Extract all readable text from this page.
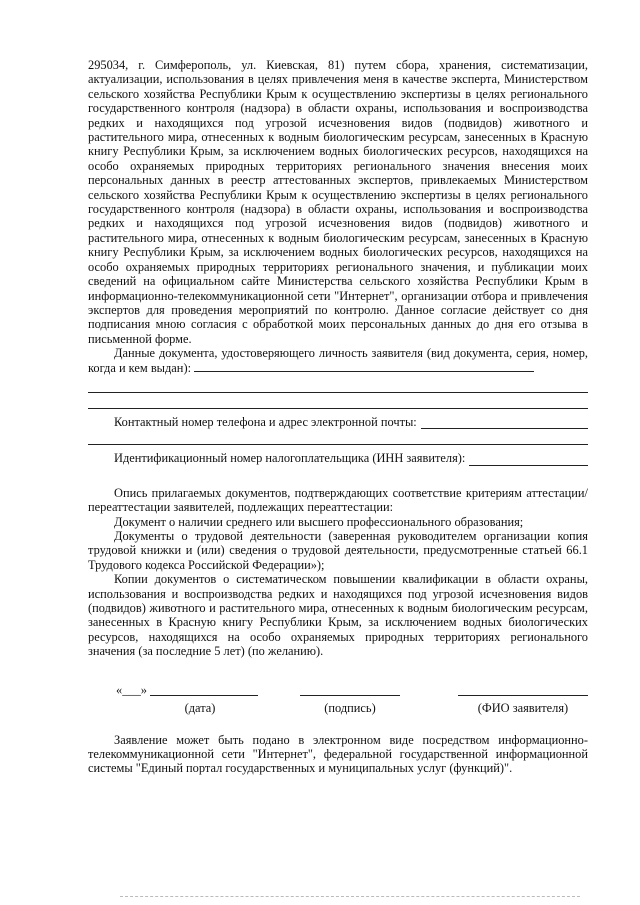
295034, г. Симферополь, ул. Киевская, 81) путем сбора, хранения, систематизации, актуализации, использования в целях привлечения меня в качестве эксперта, Министерством сельского хозяйства Республики Крым к осуществлению экспертизы в целях регионального государственного контроля (надзора) в области охраны, использования и воспроизводства редких и находящихся под угрозой исчезновения видов (подвидов) животного и растительного мира, отнесенных к водным биологическим ресурсам, занесенных в Красную книгу Республики Крым, за исключением водных биологических ресурсов, находящихся на особо охраняемых природных территориях регионального значения внесения моих персональных данных в реестр аттестованных экспертов, привлекаемых Министерством сельского хозяйства Республики Крым к осуществлению экспертизы в целях регионального государственного контроля (надзора) в области охраны, использования и воспроизводства редких и находящихся под угрозой исчезновения видов (подвидов) животного и растительного мира, отнесенных к водным биологическим ресурсам, занесенных в Красную книгу Республики Крым, за исключением водных биологических ресурсов, находящихся на особо охраняемых природных территориях регионального значения, и публикации моих сведений на официальном сайте Министерства сельского хозяйства Республики Крым в информационно-телекоммуникационной сети "Интернет", организации отбора и привлечения экспертов для проведения мероприятий по контролю. Данное согласие действует со дня подписания мною согласия с обработкой моих персональных данных до дня его отзыва в письменной форме.

Данные документа, удостоверяющего личность заявителя (вид документа, серия, номер, когда и кем выдан):

Контактный номер телефона и адрес электронной почты:
Идентификационный номер налогоплательщика (ИНН заявителя):

Опись прилагаемых документов, подтверждающих соответствие критериям аттестации/переаттестации заявителей, подлежащих переаттестации:

Документ о наличии среднего или высшего профессионального образования;

Документы о трудовой деятельности (заверенная руководителем организации копия трудовой книжки и (или) сведения о трудовой деятельности, предусмотренные статьей 66.1 Трудового кодекса Российской Федерации»);

Копии документов о систематическом повышении квалификации в области охраны, использования и воспроизводства редких и находящихся под угрозой исчезновения видов (подвидов) животного и растительного мира, отнесенных к водным биологическим ресурсам, занесенных в Красную книгу Республики Крым, за исключением водных биологических ресурсов, находящихся на особо охраняемых природных территориях регионального значения (за последние 5 лет) (по желанию).

«___»
(дата)	(подпись)	(ФИО заявителя)

Заявление может быть подано в электронном виде посредством информационно-телекоммуникационной сети "Интернет", федеральной государственной информационной системы "Единый портал государственных и муниципальных услуг (функций)".
